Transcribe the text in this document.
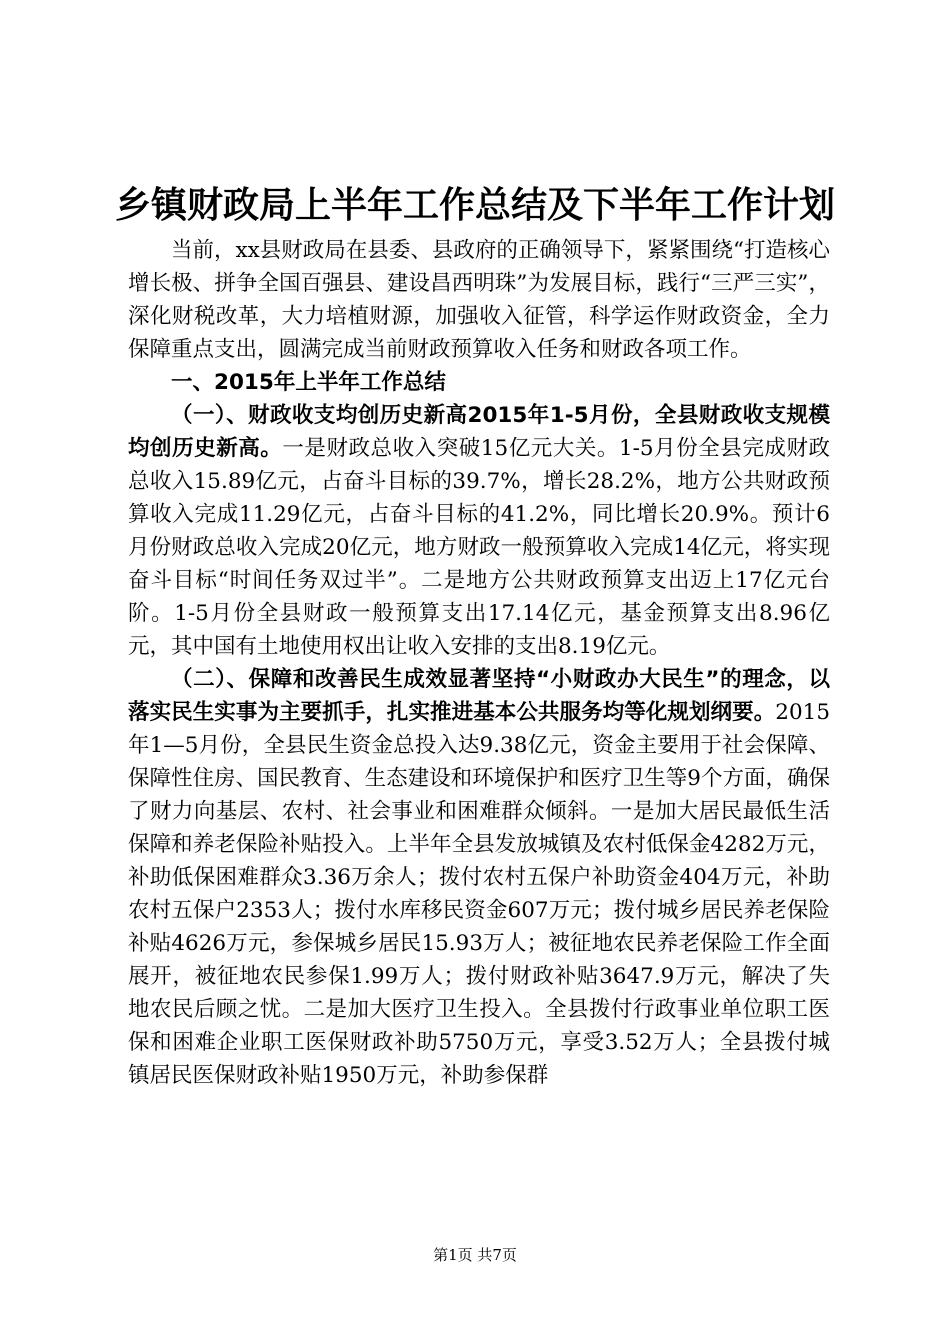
乡镇财政局上半年工作总结及下半年工作计划

当前，xx县财政局在县委、县政府的正确领导下，紧紧围绕“打造核心增长极、拼争全国百强县、建设昌西明珠”为发展目标，践行“三严三实”，深化财税改革，大力培植财源，加强收入征管，科学运作财政资金，全力保障重点支出，圆满完成当前财政预算收入任务和财政各项工作。

一、2015年上半年工作总结

（一）、财政收支均创历史新高2015年1-5月份，全县财政收支规模均创历史新高。一是财政总收入突破15亿元大关。1-5月份全县完成财政总收入15.89亿元，占奋斗目标的39.7%，增长28.2%，地方公共财政预算收入完成11.29亿元，占奋斗目标的41.2%，同比增长20.9%。预计6月份财政总收入完成20亿元，地方财政一般预算收入完成14亿元，将实现奋斗目标“时间任务双过半”。二是地方公共财政预算支出迈上17亿元台阶。1-5月份全县财政一般预算支出17.14亿元，基金预算支出8.96亿元，其中国有土地使用权出让收入安排的支出8.19亿元。

（二）、保障和改善民生成效显著坚持“小财政办大民生”的理念，以落实民生实事为主要抓手，扎实推进基本公共服务均等化规划纲要。2015年1—5月份，全县民生资金总投入达9.38亿元，资金主要用于社会保障、保障性住房、国民教育、生态建设和环境保护和医疗卫生等9个方面，确保了财力向基层、农村、社会事业和困难群众倾斜。一是加大居民最低生活保障和养老保险补贴投入。上半年全县发放城镇及农村低保金4282万元，补助低保困难群众3.36万余人；拨付农村五保户补助资金404万元，补助农村五保户2353人；拨付水库移民资金607万元；拨付城乡居民养老保险补贴4626万元，参保城乡居民15.93万人；被征地农民养老保险工作全面展开，被征地农民参保1.99万人；拨付财政补贴3647.9万元，解决了失地农民后顾之忧。二是加大医疗卫生投入。全县拨付行政事业单位职工医保和困难企业职工医保财政补助5750万元，享受3.52万人；全县拨付城镇居民医保财政补贴1950万元，补助参保群

第1页 共7页
